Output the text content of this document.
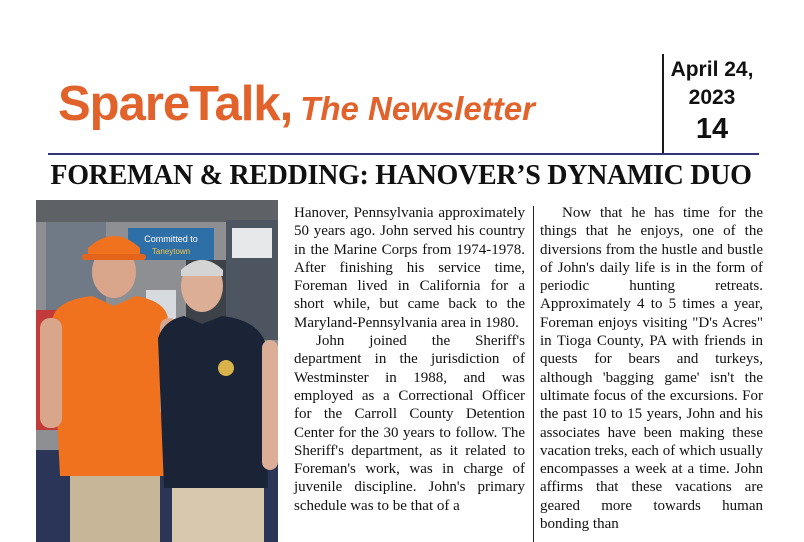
SpareTalk, The Newsletter
April 24, 2023
14
FOREMAN & REDDING: HANOVER’S DYNAMIC DUO
Committed to
Taneytown

Hanover, Pennsylvania approximately 50 years ago. John served his country in the Marine Corps from 1974-1978. After finishing his service time, Foreman lived in California for a short while, but came back to the Maryland-Pennsylvania area in 1980.

John joined the Sheriff's department in the jurisdiction of Westminster in 1988, and was employed as a Correctional Officer for the Carroll County Detention Center for the 30 years to follow. The Sheriff's department, as it related to Foreman's work, was in charge of juvenile discipline. John's primary schedule was to be that of a

Now that he has time for the things that he enjoys, one of the diversions from the hustle and bustle of John's daily life is in the form of periodic hunting retreats. Approximately 4 to 5 times a year, Foreman enjoys visiting "D's Acres" in Tioga County, PA with friends in quests for bears and turkeys, although 'bagging game' isn't the ultimate focus of the excursions. For the past 10 to 15 years, John and his associates have been making these vacation treks, each of which usually encompasses a week at a time. John affirms that these vacations are geared more towards human bonding than
